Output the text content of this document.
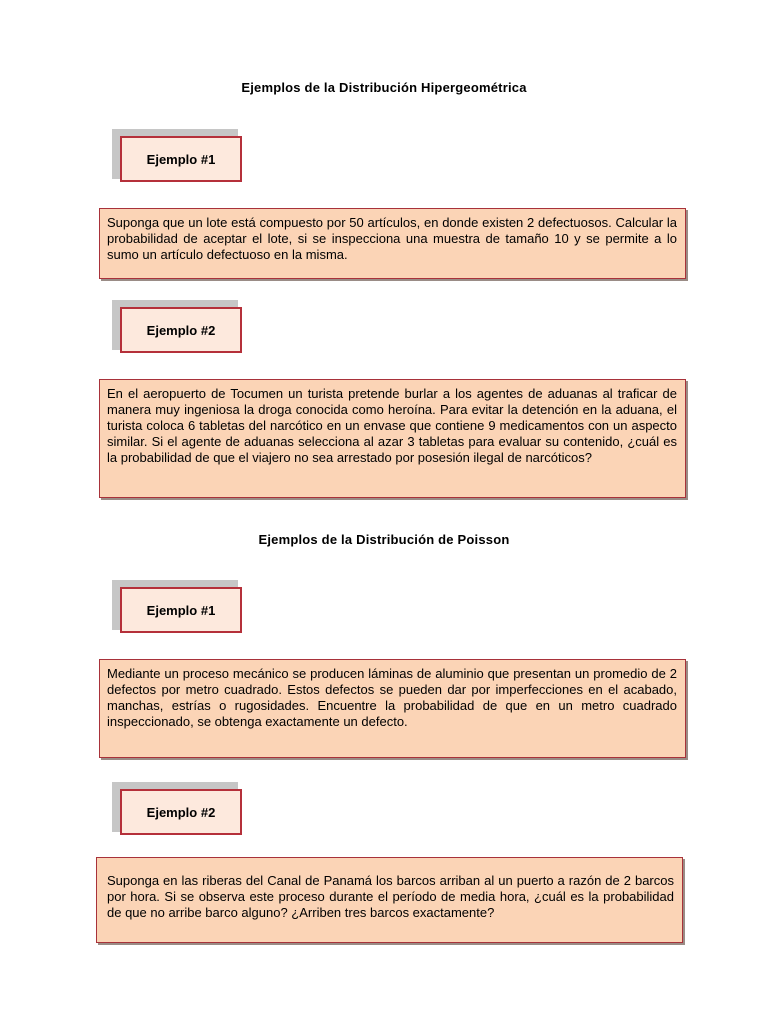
Ejemplos de la Distribución Hipergeométrica
Ejemplo #1
Suponga que un lote está compuesto por 50 artículos, en donde existen 2 defectuosos. Calcular la probabilidad de aceptar el lote, si se inspecciona una muestra de tamaño 10 y se permite a lo sumo un artículo defectuoso en la misma.
Ejemplo #2
En el aeropuerto de Tocumen un turista pretende burlar a los agentes de aduanas al traficar de manera muy ingeniosa la droga conocida como heroína. Para evitar la detención en la aduana, el turista coloca 6 tabletas del narcótico en un envase que contiene 9 medicamentos con un aspecto similar. Si el agente de aduanas selecciona al azar 3 tabletas para evaluar su contenido, ¿cuál es la probabilidad de que el viajero no sea arrestado por posesión ilegal de narcóticos?
Ejemplos de la Distribución de Poisson
Ejemplo #1
Mediante un proceso mecánico se producen láminas de aluminio que presentan un promedio de 2 defectos por metro cuadrado. Estos defectos se pueden dar por imperfecciones en el acabado, manchas, estrías o rugosidades. Encuentre la probabilidad de que en un metro cuadrado inspeccionado, se obtenga exactamente un defecto.
Ejemplo #2
Suponga en las riberas del Canal de Panamá los barcos arriban al un puerto a razón de 2 barcos por hora. Si se observa este proceso durante el período de media hora, ¿cuál es la probabilidad de que no arribe barco alguno? ¿Arriben tres barcos exactamente?
